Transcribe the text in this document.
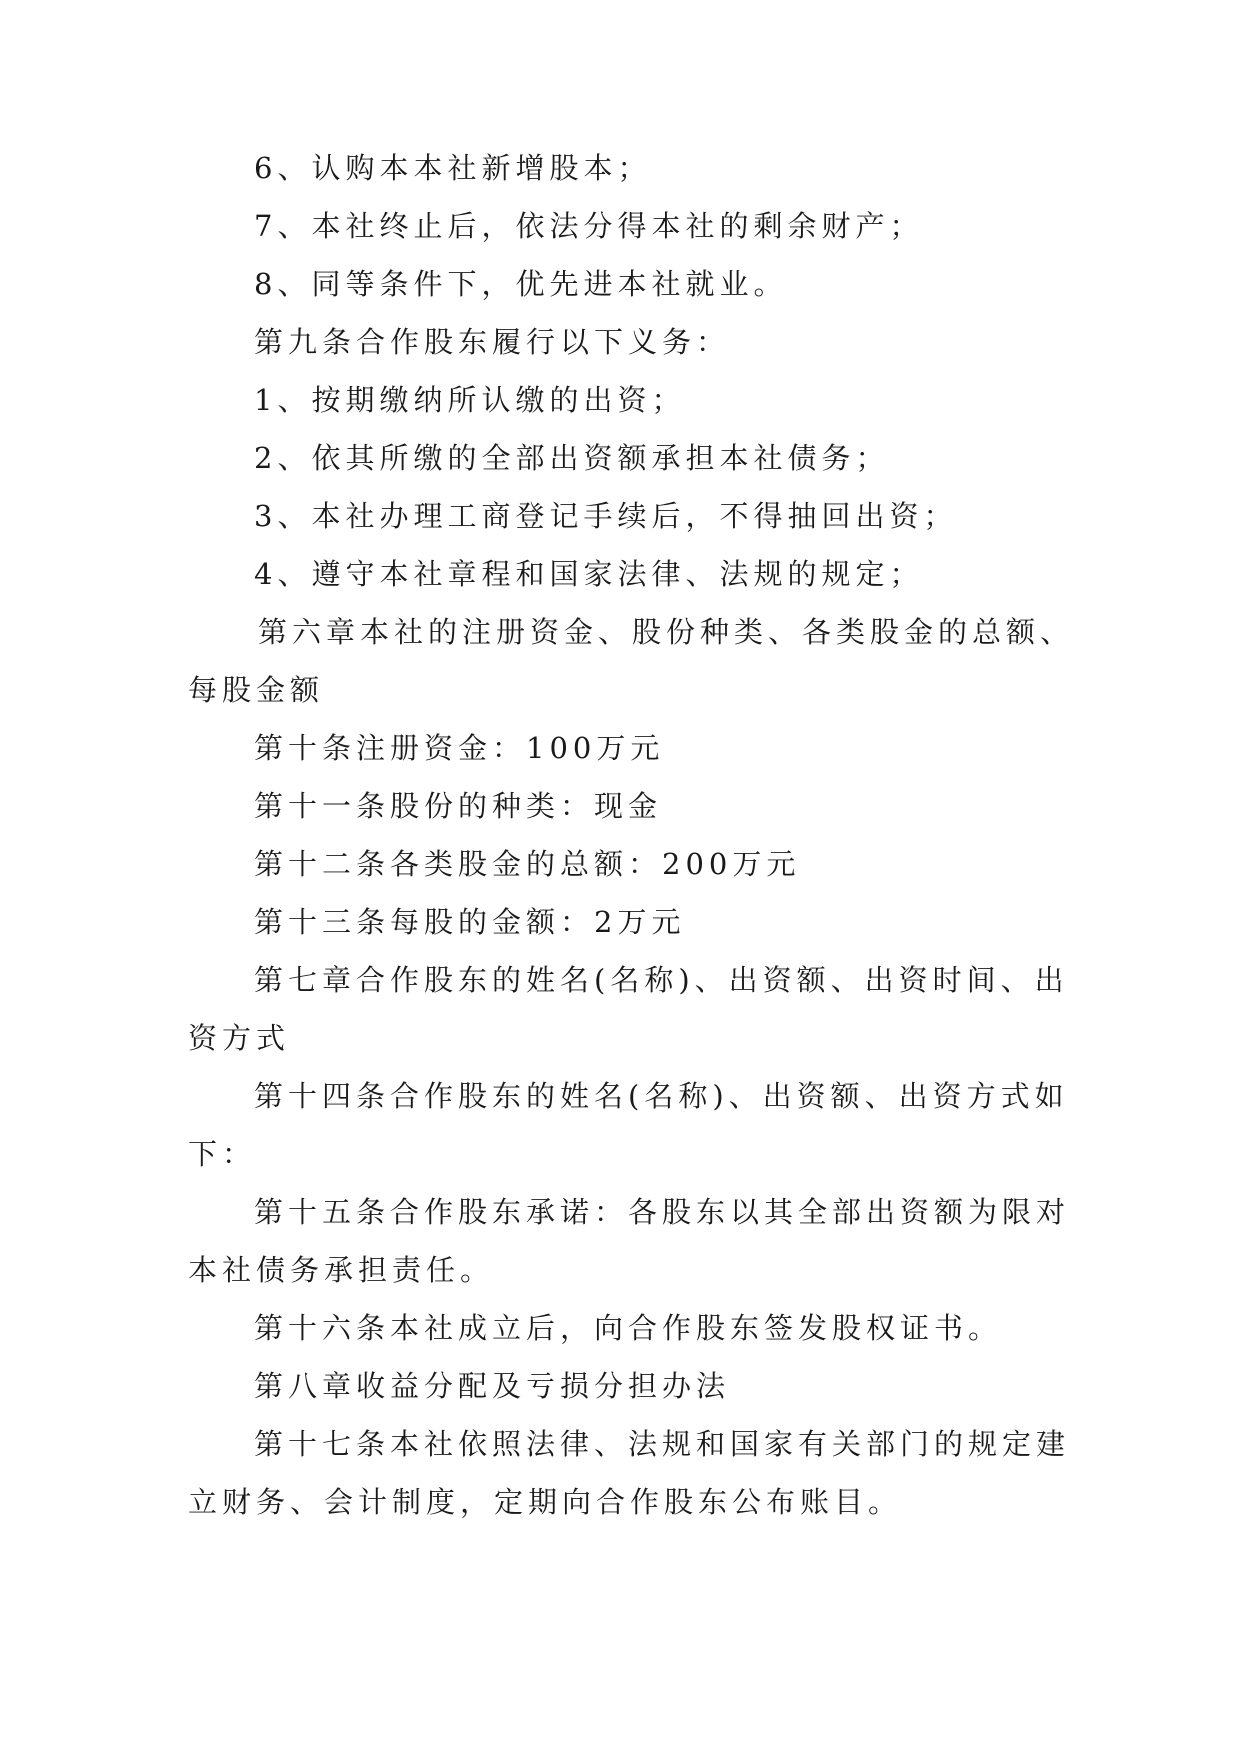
6、认购本本社新增股本；
7、本社终止后，依法分得本社的剩余财产；
8、同等条件下，优先进本社就业。
第九条合作股东履行以下义务：
1、按期缴纳所认缴的出资；
2、依其所缴的全部出资额承担本社债务；
3、本社办理工商登记手续后，不得抽回出资；
4、遵守本社章程和国家法律、法规的规定；
第六章本社的注册资金、股份种类、各类股金的总额、
每股金额
第十条注册资金：100万元
第十一条股份的种类：现金
第十二条各类股金的总额：200万元
第十三条每股的金额：2万元
第七章合作股东的姓名(名称)、出资额、出资时间、出
资方式
第十四条合作股东的姓名(名称)、出资额、出资方式如
下：
第十五条合作股东承诺：各股东以其全部出资额为限对
本社债务承担责任。
第十六条本社成立后，向合作股东签发股权证书。
第八章收益分配及亏损分担办法
第十七条本社依照法律、法规和国家有关部门的规定建
立财务、会计制度，定期向合作股东公布账目。
